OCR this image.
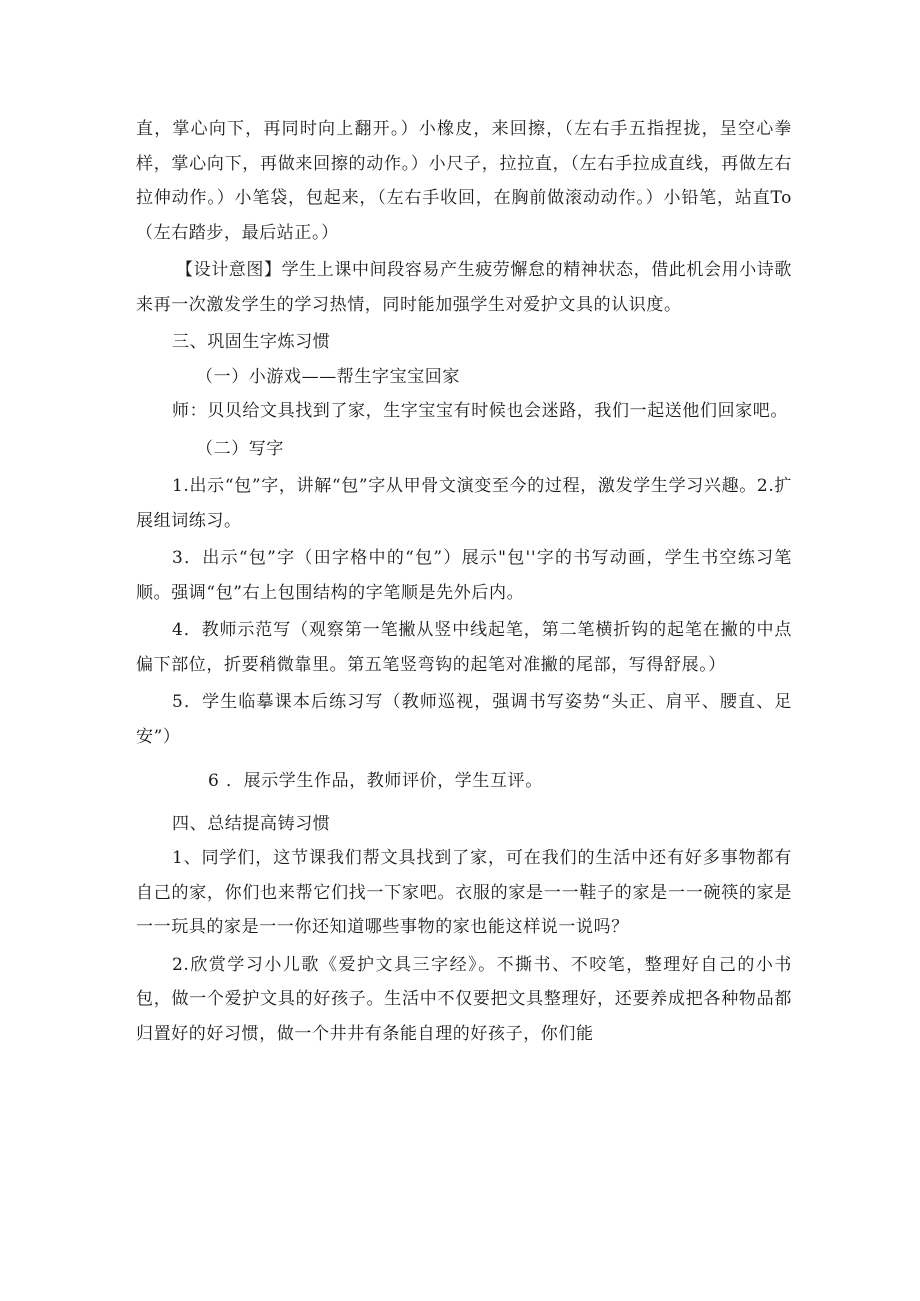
直，掌心向下，再同时向上翻开。）小橡皮，来回擦，（左右手五指捏拢，呈空心拳样，掌心向下，再做来回擦的动作。）小尺子，拉拉直，（左右手拉成直线，再做左右拉伸动作。）小笔袋，包起来，（左右手收回，在胸前做滚动动作。）小铅笔，站直To（左右踏步，最后站正。）

【设计意图】学生上课中间段容易产生疲劳懈怠的精神状态，借此机会用小诗歌来再一次激发学生的学习热情，同时能加强学生对爱护文具的认识度。

三、巩固生字炼习惯

（一）小游戏——帮生字宝宝回家

师：贝贝给文具找到了家，生字宝宝有时候也会迷路，我们一起送他们回家吧。

（二）写字

1.出示“包”字，讲解“包”字从甲骨文演变至今的过程，激发学生学习兴趣。2.扩展组词练习。

3．出示“包”字（田字格中的“包”）展示"包''字的书写动画，学生书空练习笔顺。强调“包”右上包围结构的字笔顺是先外后内。

4．教师示范写（观察第一笔撇从竖中线起笔，第二笔横折钩的起笔在撇的中点偏下部位，折要稍微靠里。第五笔竖弯钩的起笔对准撇的尾部，写得舒展。）

5．学生临摹课本后练习写（教师巡视，强调书写姿势“头正、肩平、腰直、足安”）

6 ．展示学生作品，教师评价，学生互评。

四、总结提高铸习惯

1、同学们，这节课我们帮文具找到了家，可在我们的生活中还有好多事物都有自己的家，你们也来帮它们找一下家吧。衣服的家是一一鞋子的家是一一碗筷的家是一一玩具的家是一一你还知道哪些事物的家也能这样说一说吗？

2.欣赏学习小儿歌《爱护文具三字经》。不撕书、不咬笔，整理好自己的小书包，做一个爱护文具的好孩子。生活中不仅要把文具整理好，还要养成把各种物品都归置好的好习惯，做一个井井有条能自理的好孩子，你们能
